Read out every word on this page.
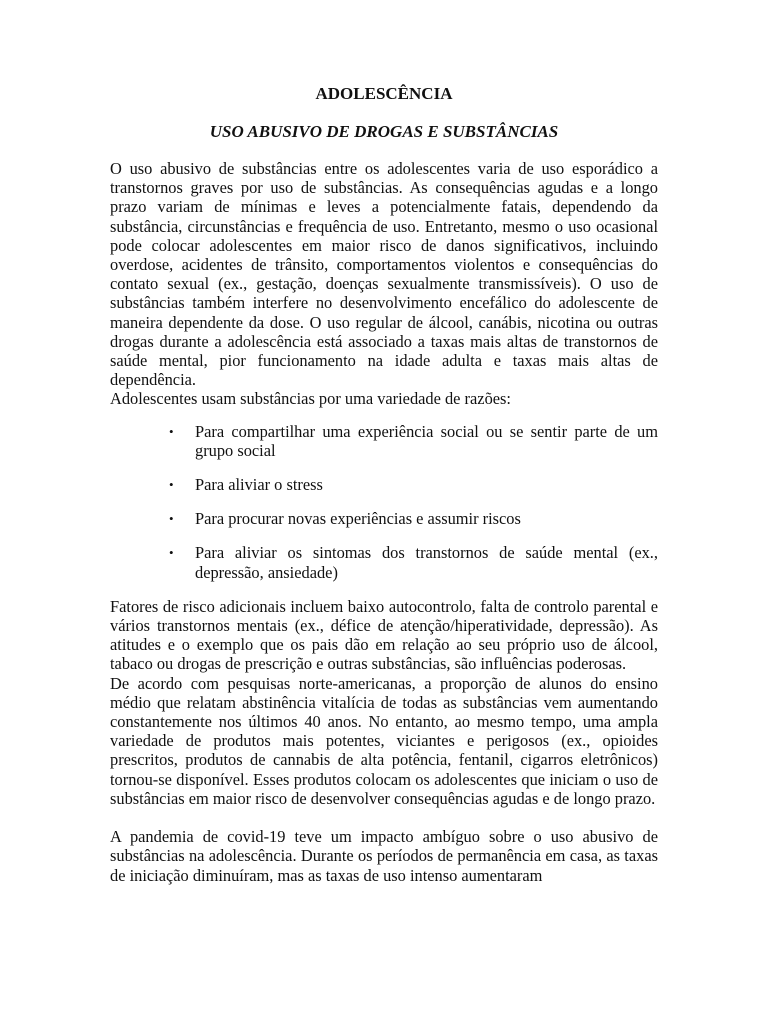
ADOLESCÊNCIA
USO ABUSIVO DE DROGAS E SUBSTÂNCIAS

O uso abusivo de substâncias entre os adolescentes varia de uso esporádico a transtornos graves por uso de substâncias. As consequências agudas e a longo prazo variam de mínimas e leves a potencialmente fatais, dependendo da substância, circunstâncias e frequência de uso. Entretanto, mesmo o uso ocasional pode colocar adolescentes em maior risco de danos significativos, incluindo overdose, acidentes de trânsito, comportamentos violentos e consequências do contato sexual (ex., gestação, doenças sexualmente transmissíveis). O uso de substâncias também interfere no desenvolvimento encefálico do adolescente de maneira dependente da dose. O uso regular de álcool, canábis, nicotina ou outras drogas durante a adolescência está associado a taxas mais altas de transtornos de saúde mental, pior funcionamento na idade adulta e taxas mais altas de dependência.

Adolescentes usam substâncias por uma variedade de razões:

• Para compartilhar uma experiência social ou se sentir parte de um grupo social
• Para aliviar o stress
• Para procurar novas experiências e assumir riscos
• Para aliviar os sintomas dos transtornos de saúde mental (ex., depressão, ansiedade)

Fatores de risco adicionais incluem baixo autocontrolo, falta de controlo parental e vários transtornos mentais (ex., défice de atenção/hiperatividade, depressão). As atitudes e o exemplo que os pais dão em relação ao seu próprio uso de álcool, tabaco ou drogas de prescrição e outras substâncias, são influências poderosas.

De acordo com pesquisas norte-americanas, a proporção de alunos do ensino médio que relatam abstinência vitalícia de todas as substâncias vem aumentando constantemente nos últimos 40 anos. No entanto, ao mesmo tempo, uma ampla variedade de produtos mais potentes, viciantes e perigosos (ex., opioides prescritos, produtos de cannabis de alta potência, fentanil, cigarros eletrônicos) tornou-se disponível. Esses produtos colocam os adolescentes que iniciam o uso de substâncias em maior risco de desenvolver consequências agudas e de longo prazo.

A pandemia de covid-19 teve um impacto ambíguo sobre o uso abusivo de substâncias na adolescência. Durante os períodos de permanência em casa, as taxas de iniciação diminuíram, mas as taxas de uso intenso aumentaram
